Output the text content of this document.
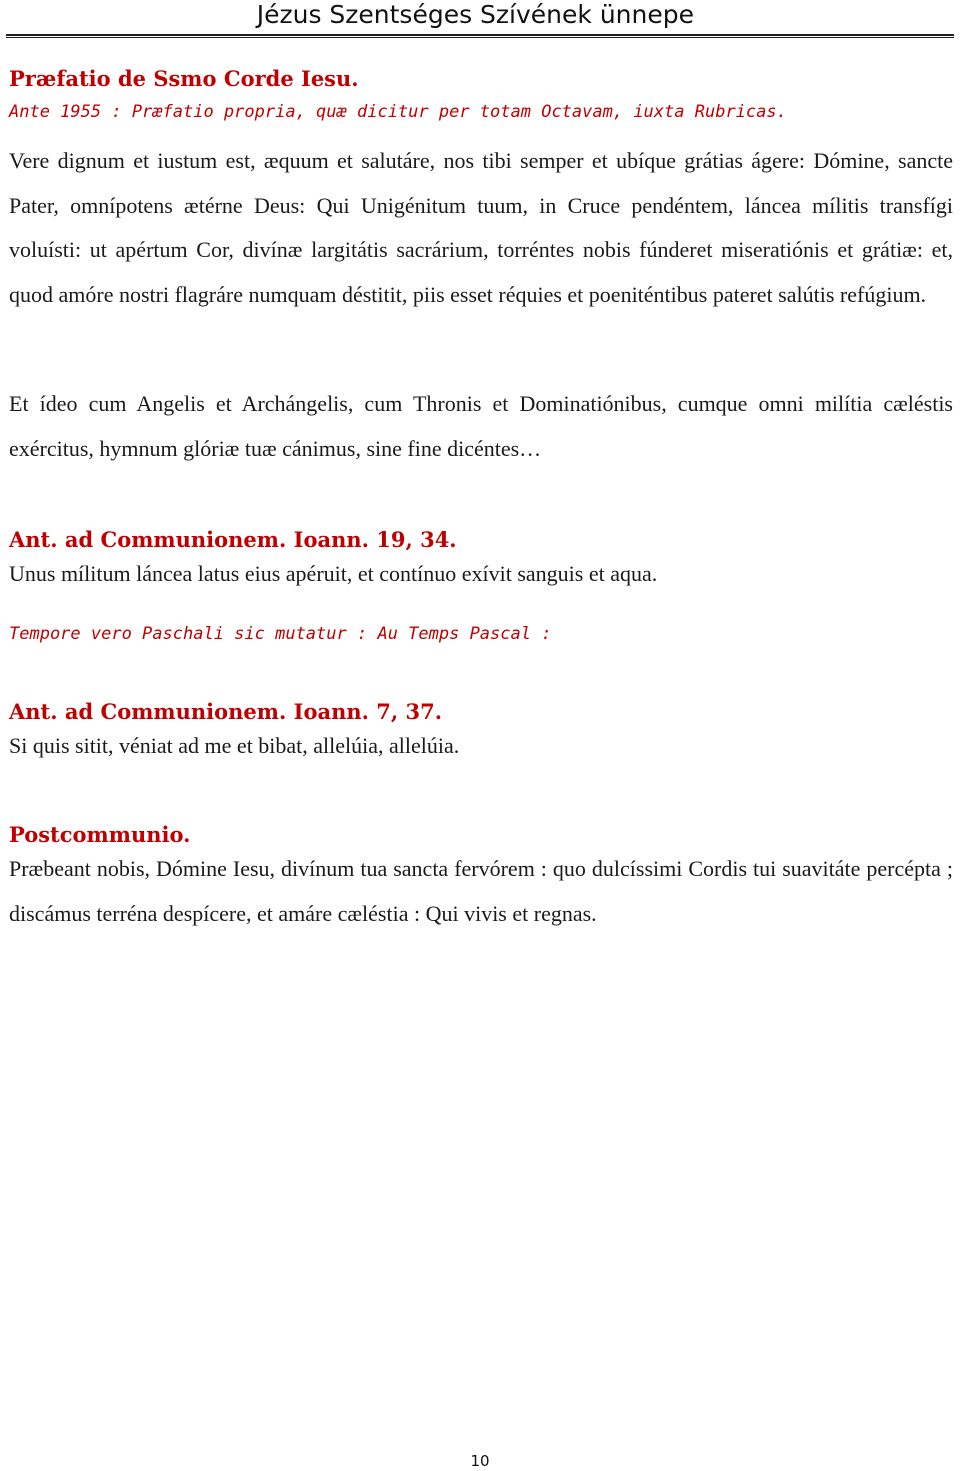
Jézus Szentséges Szívének ünnepe
Præfatio de Ssmo Corde Iesu.
Ante 1955 : Præfatio propria, quæ dicitur per totam Octavam, iuxta Rubricas.
Vere dignum et iustum est, æquum et salutáre, nos tibi semper et ubíque grátias ágere: Dómine, sancte Pater, omnípotens ætérne Deus: Qui Unigénitum tuum, in Cruce pendéntem, láncea mílitis transfígi voluísti: ut apértum Cor, divínæ largitátis sacrárium, torréntes nobis fúnderet miseratiónis et grátiæ: et, quod amóre nostri flagráre numquam déstitit, piis esset réquies et poeniténtibus pateret salútis refúgium.
Et ídeo cum Angelis et Archángelis, cum Thronis et Dominatiónibus, cumque omni milítia cæléstis exércitus, hymnum glóriæ tuæ cánimus, sine fine dicéntes…
Ant. ad Communionem. Ioann. 19, 34.
Unus mílitum láncea latus eius apéruit, et contínuo exívit sanguis et aqua.
Tempore vero Paschali sic mutatur : Au Temps Pascal :
Ant. ad Communionem. Ioann. 7, 37.
Si quis sitit, véniat ad me et bibat, allelúia, allelúia.
Postcommunio.
Præbeant nobis, Dómine Iesu, divínum tua sancta fervórem : quo dulcíssimi Cordis tui suavitáte percépta ; discámus terréna despícere, et amáre cæléstia : Qui vivis et regnas.
10
